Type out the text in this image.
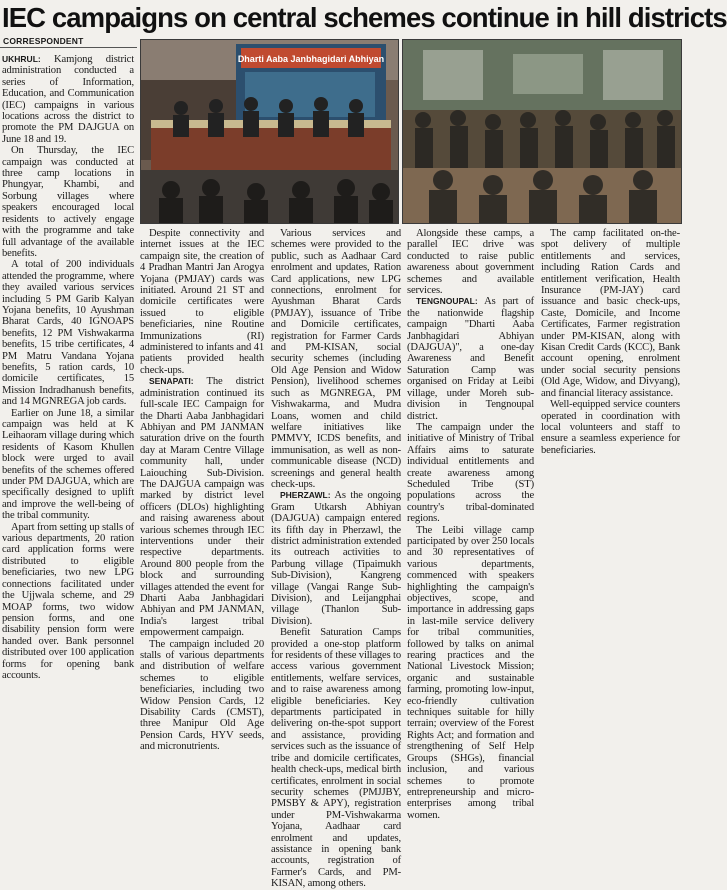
IEC campaigns on central schemes continue in hill districts
CORRESPONDENT
Dharti Aaba Janbhagidari Abhiyan

UKHRUL: Kamjong district administration conducted a series of Information, Education, and Communication (IEC) campaigns in various locations across the district to promote the PM DAJGUA on June 18 and 19.

On Thursday, the IEC campaign was conducted at three camp locations in Phungyar, Khambi, and Sorbung villages where speakers encouraged local residents to actively engage with the programme and take full advantage of the available benefits.

A total of 200 individuals attended the programme, where they availed various services including 5 PM Garib Kalyan Yojana benefits, 10 Ayushman Bharat Cards, 40 IGNOAPS benefits, 12 PM Vishwakarma benefits, 15 tribe certificates, 4 PM Matru Vandana Yojana benefits, 5 ration cards, 10 domicile certificates, 15 Mission Indradhanush benefits, and 14 MGNREGA job cards.

Earlier on June 18, a similar campaign was held at K Leihaoram village during which residents of Kasom Khullen block were urged to avail benefits of the schemes offered under PM DAJGUA, which are specifically designed to uplift and improve the well-being of the tribal community.

Apart from setting up stalls of various departments, 20 ration card application forms were distributed to eligible beneficiaries, two new LPG connections facilitated under the Ujjwala scheme, and 29 MOAP forms, two widow pension forms, and one disability pension form were handed over. Bank personnel distributed over 100 application forms for opening bank accounts.

Despite connectivity and internet issues at the IEC campaign site, the creation of 4 Pradhan Mantri Jan Arogya Yojana (PMJAY) cards was initiated. Around 21 ST and domicile certificates were issued to eligible beneficiaries, nine Routine Immunizations (RI) administered to infants and 41 patients provided health check-ups.

SENAPATI: The district administration continued its full-scale IEC Campaign for the Dharti Aaba Janbhagidari Abhiyan and PM JANMAN saturation drive on the fourth day at Maram Centre Village community hall, under Laiouching Sub-Division. The DAJGUA campaign was marked by district level officers (DLOs) highlighting and raising awareness about various schemes through IEC interventions under their respective departments. Around 800 people from the block and surrounding villages attended the event for Dharti Aaba Janbhagidari Abhiyan and PM JANMAN, India's largest tribal empowerment campaign.

The campaign included 20 stalls of various departments and distribution of welfare schemes to eligible beneficiaries, including two Widow Pension Cards, 12 Disability Cards (CMST), three Manipur Old Age Pension Cards, HYV seeds, and micronutrients.

Various services and schemes were provided to the public, such as Aadhaar Card enrolment and updates, Ration Card applications, new LPG connections, enrolment for Ayushman Bharat Cards (PMJAY), issuance of Tribe and Domicile certificates, registration for Farmer Cards and PM-KISAN, social security schemes (including Old Age Pension and Widow Pension), livelihood schemes such as MGNREGA, PM Vishwakarma, and Mudra Loans, women and child welfare initiatives like PMMVY, ICDS benefits, and immunisation, as well as non-communicable disease (NCD) screenings and general health check-ups.

PHERZAWL: As the ongoing Gram Utkarsh Abhiyan (DAJGUA) campaign entered its fifth day in Pherzawl, the district administration extended its outreach activities to Parbung village (Tipaimukh Sub-Division), Kangreng village (Vangai Range Sub-Division), and Leijangphai village (Thanlon Sub-Division).

Benefit Saturation Camps provided a one-stop platform for residents of these villages to access various government entitlements, welfare services, and to raise awareness among eligible beneficiaries. Key departments participated in delivering on-the-spot support and assistance, providing services such as the issuance of tribe and domicile certificates, health check-ups, medical birth certificates, enrolment in social security schemes (PMJJBY, PMSBY & APY), registration under PM-Vishwakarma Yojana, Aadhaar card enrolment and updates, assistance in opening bank accounts, registration of Farmer's Cards, and PM-KISAN, among others.

Alongside these camps, a parallel IEC drive was conducted to raise public awareness about government schemes and available services.

TENGNOUPAL: As part of the nationwide flagship campaign "Dharti Aaba Janbhagidari Abhiyan (DAJGUA)", a one-day Awareness and Benefit Saturation Camp was organised on Friday at Leibi village, under Moreh sub-division in Tengnoupal district.

The campaign under the initiative of Ministry of Tribal Affairs aims to saturate individual entitlements and create awareness among Scheduled Tribe (ST) populations across the country's tribal-dominated regions.

The Leibi village camp participated by over 250 locals and 30 representatives of various departments, commenced with speakers highlighting the campaign's objectives, scope, and importance in addressing gaps in last-mile service delivery for tribal communities, followed by talks on animal rearing practices and the National Livestock Mission; organic and sustainable farming, promoting low-input, eco-friendly cultivation techniques suitable for hilly terrain; overview of the Forest Rights Act; and formation and strengthening of Self Help Groups (SHGs), financial inclusion, and various schemes to promote entrepreneurship and micro-enterprises among tribal women.

The camp facilitated on-the-spot delivery of multiple entitlements and services, including Ration Cards and entitlement verification, Health Insurance (PM-JAY) card issuance and basic check-ups, Caste, Domicile, and Income Certificates, Farmer registration under PM-KISAN, along with Kisan Credit Cards (KCC), Bank account opening, enrolment under social security pensions (Old Age, Widow, and Divyang), and financial literacy assistance.

Well-equipped service counters operated in coordination with local volunteers and staff to ensure a seamless experience for beneficiaries.
